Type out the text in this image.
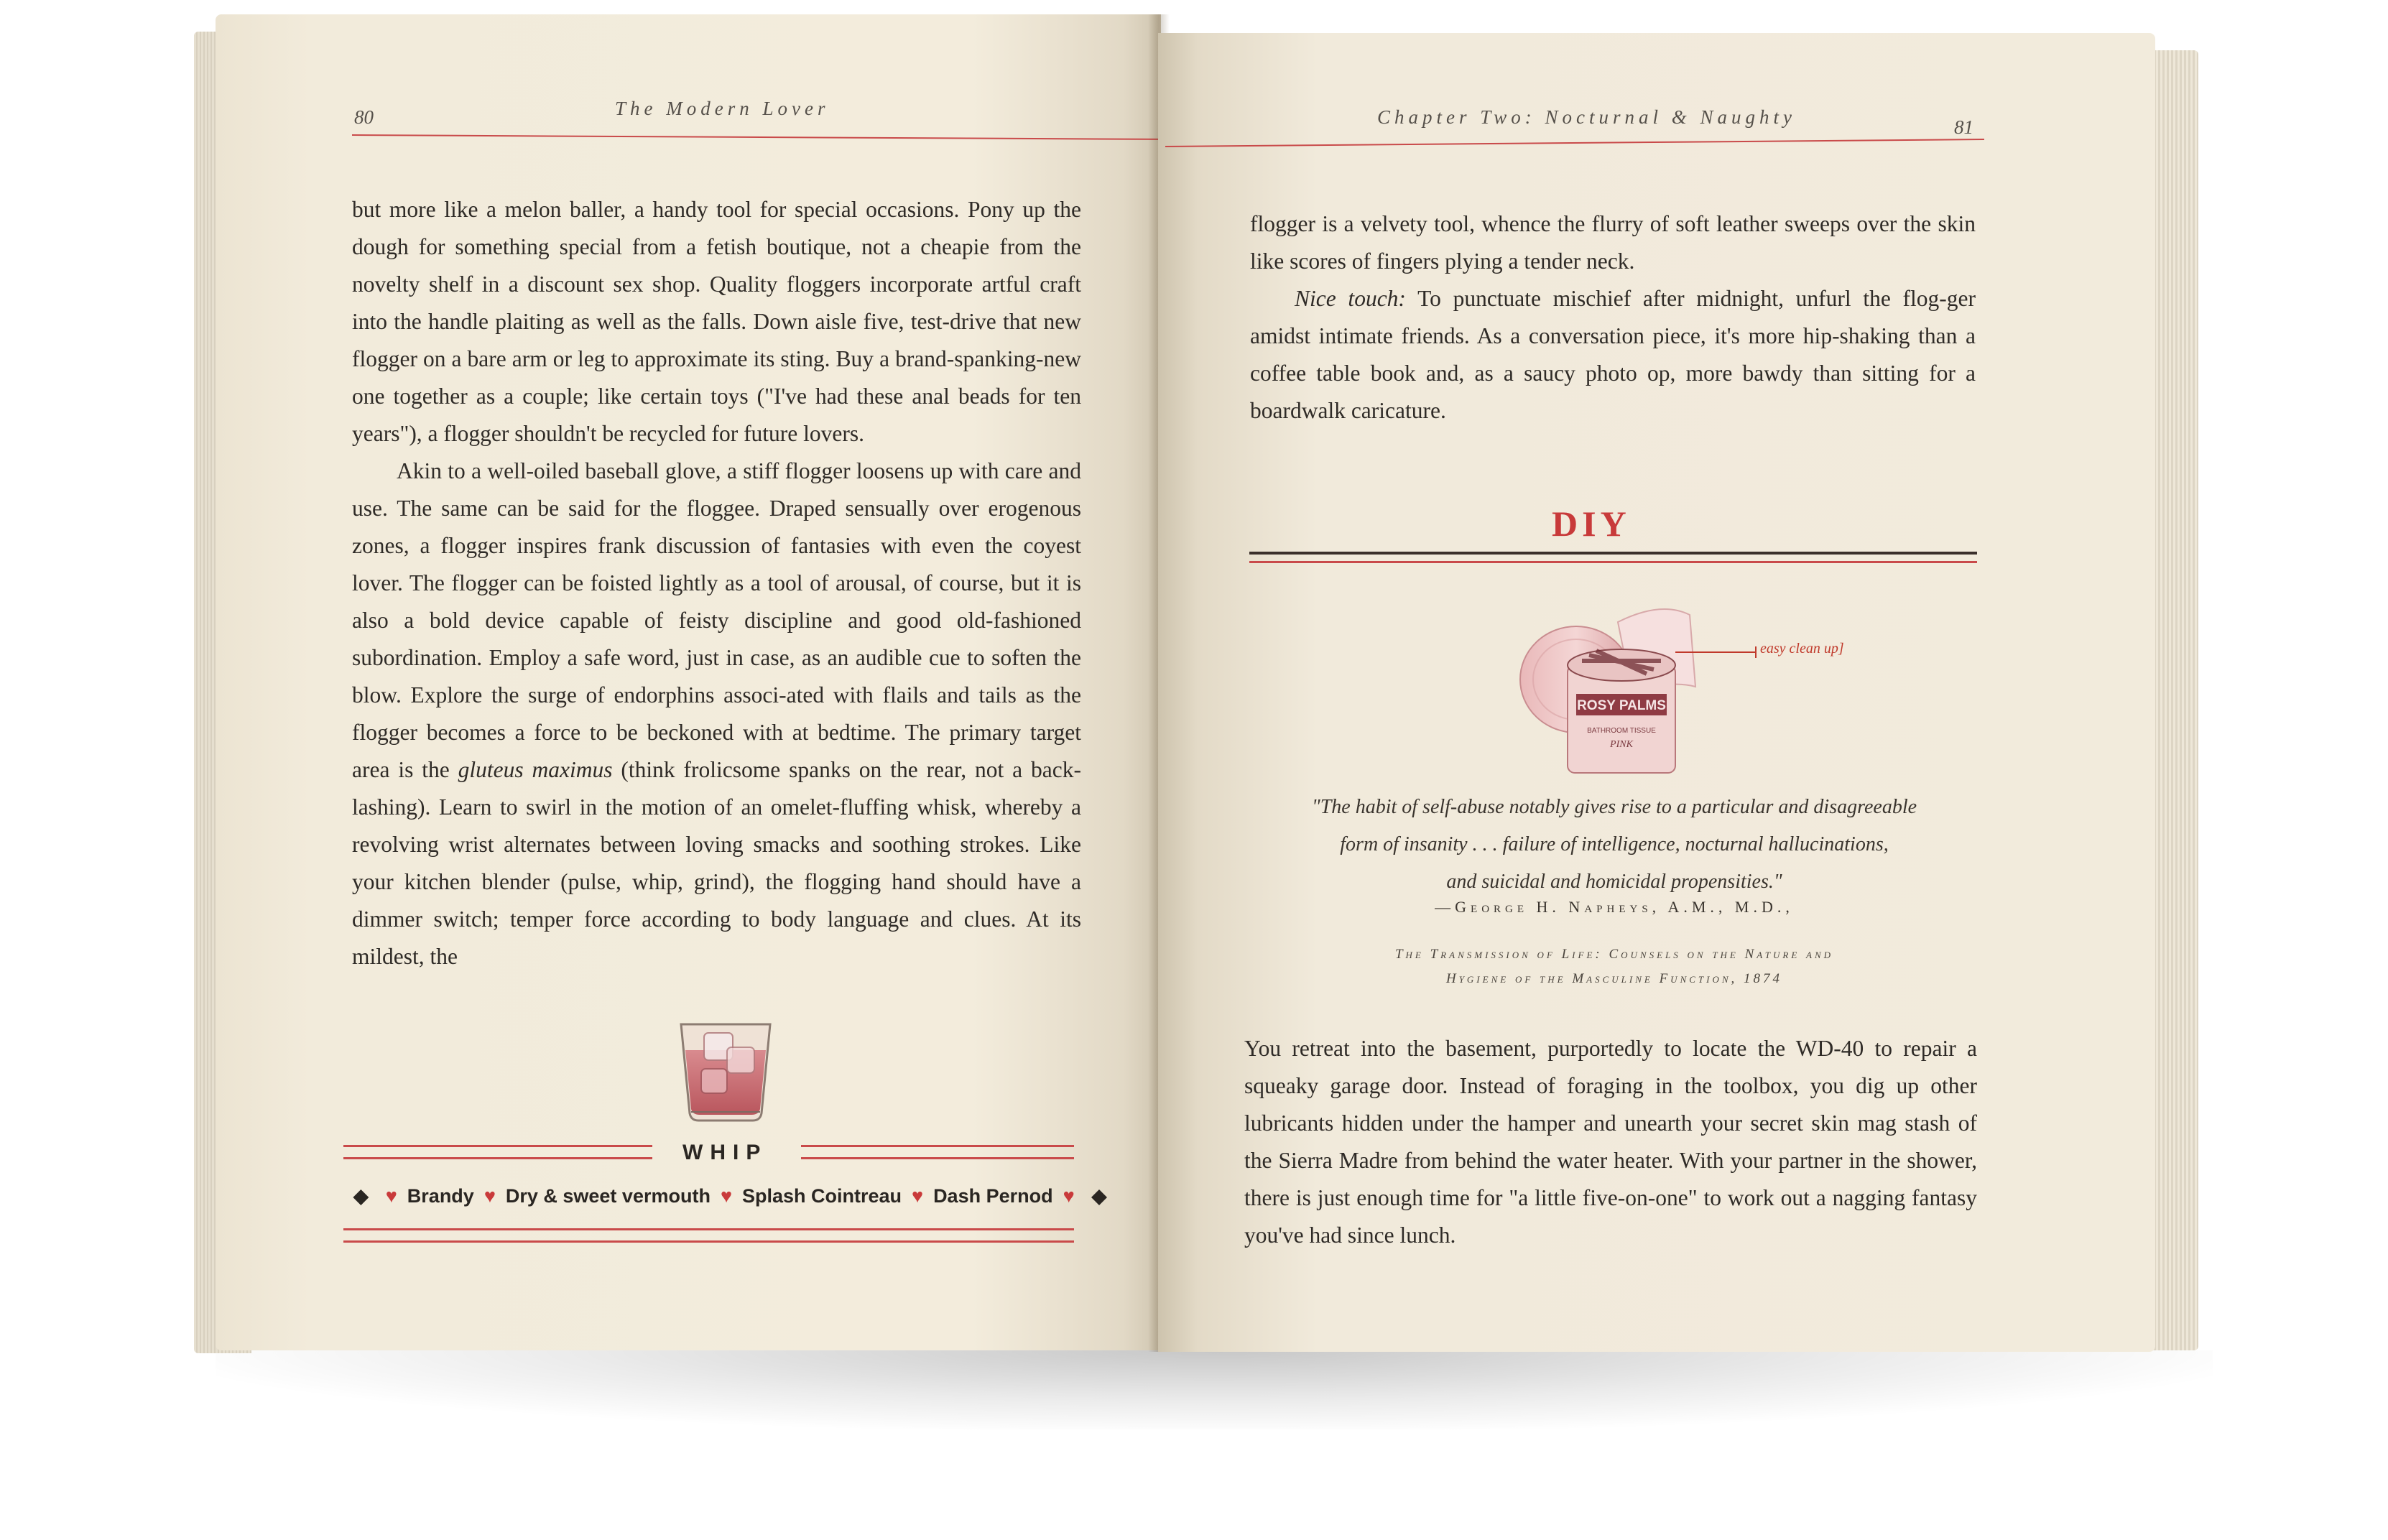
80	The Modern Lover

but more like a melon baller, a handy tool for special occasions. Pony up the dough for something special from a fetish boutique, not a cheapie from the novelty shelf in a discount sex shop. Quality floggers incorporate artful craft into the handle plaiting as well as the falls. Down aisle five, test-drive that new flogger on a bare arm or leg to approximate its sting. Buy a brand-spanking-new one together as a couple; like certain toys ("I've had these anal beads for ten years"), a flogger shouldn't be recycled for future lovers.

Akin to a well-oiled baseball glove, a stiff flogger loosens up with care and use. The same can be said for the floggee. Draped sensually over erogenous zones, a flogger inspires frank discussion of fantasies with even the coyest lover. The flogger can be foisted lightly as a tool of arousal, of course, but it is also a bold device capable of feisty discipline and good old-fashioned subordination. Employ a safe word, just in case, as an audible cue to soften the blow. Explore the surge of endorphins associ-ated with flails and tails as the flogger becomes a force to be beckoned with at bedtime. The primary target area is the gluteus maximus (think frolicsome spanks on the rear, not a back-lashing). Learn to swirl in the motion of an omelet-fluffing whisk, whereby a revolving wrist alternates between loving smacks and soothing strokes. Like your kitchen blender (pulse, whip, grind), the flogging hand should have a dimmer switch; temper force according to body language and clues. At its mildest, the

WHIP
◆ ♥ Brandy ♥ Dry & sweet vermouth ♥ Splash Cointreau ♥ Dash Pernod ♥ ◆
Chapter Two: Nocturnal & Naughty	81

flogger is a velvety tool, whence the flurry of soft leather sweeps over the skin like scores of fingers plying a tender neck.

Nice touch: To punctuate mischief after midnight, unfurl the flog-ger amidst intimate friends. As a conversation piece, it's more hip-shaking than a coffee table book and, as a saucy photo op, more bawdy than sitting for a boardwalk caricature.

DIY
ROSY PALMS
BATHROOM TISSUE
PINK
easy clean up]
"The habit of self-abuse notably gives rise to a particular and disagreeable
form of insanity . . . failure of intelligence, nocturnal hallucinations,
and suicidal and homicidal propensities."
—George H. Napheys, A.M., M.D.,
The Transmission of Life: Counsels on the Nature and
Hygiene of the Masculine Function, 1874
You retreat into the basement, purportedly to locate the WD-40 to repair a squeaky garage door. Instead of foraging in the toolbox, you dig up other lubricants hidden under the hamper and unearth your secret skin mag stash of the Sierra Madre from behind the water heater. With your partner in the shower, there is just enough time for "a little five-on-one" to work out a nagging fantasy you've had since lunch.
